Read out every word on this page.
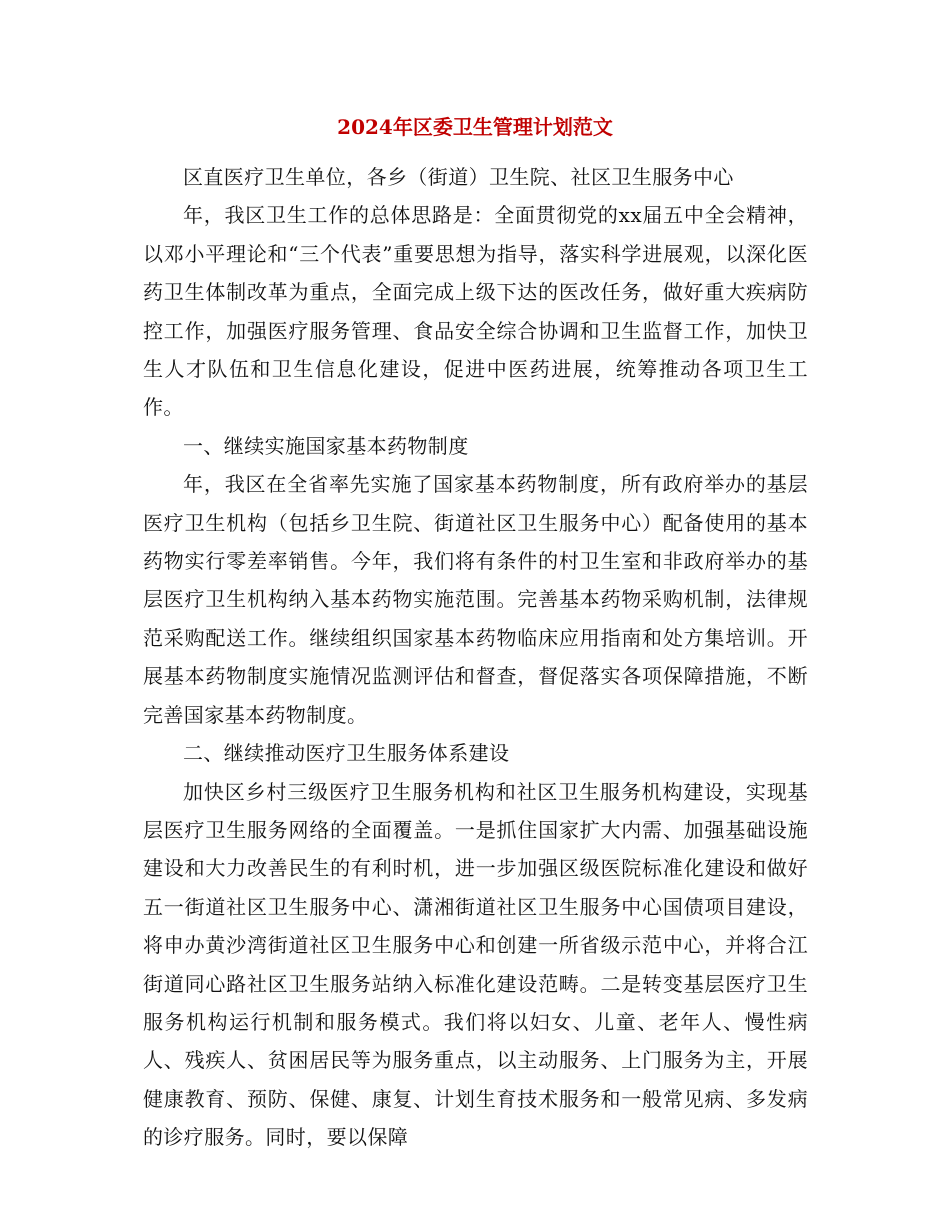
2024年区委卫生管理计划范文

区直医疗卫生单位，各乡（街道）卫生院、社区卫生服务中心

年，我区卫生工作的总体思路是：全面贯彻党的xx届五中全会精神，以邓小平理论和“三个代表”重要思想为指导，落实科学进展观，以深化医药卫生体制改革为重点，全面完成上级下达的医改任务，做好重大疾病防控工作，加强医疗服务管理、食品安全综合协调和卫生监督工作，加快卫生人才队伍和卫生信息化建设，促进中医药进展，统筹推动各项卫生工作。

一、继续实施国家基本药物制度

年，我区在全省率先实施了国家基本药物制度，所有政府举办的基层医疗卫生机构（包括乡卫生院、街道社区卫生服务中心）配备使用的基本药物实行零差率销售。今年，我们将有条件的村卫生室和非政府举办的基层医疗卫生机构纳入基本药物实施范围。完善基本药物采购机制，法律规范采购配送工作。继续组织国家基本药物临床应用指南和处方集培训。开展基本药物制度实施情况监测评估和督查，督促落实各项保障措施，不断完善国家基本药物制度。

二、继续推动医疗卫生服务体系建设

加快区乡村三级医疗卫生服务机构和社区卫生服务机构建设，实现基层医疗卫生服务网络的全面覆盖。一是抓住国家扩大内需、加强基础设施建设和大力改善民生的有利时机，进一步加强区级医院标准化建设和做好五一街道社区卫生服务中心、潇湘街道社区卫生服务中心国债项目建设，将申办黄沙湾街道社区卫生服务中心和创建一所省级示范中心，并将合江街道同心路社区卫生服务站纳入标准化建设范畴。二是转变基层医疗卫生服务机构运行机制和服务模式。我们将以妇女、儿童、老年人、慢性病人、残疾人、贫困居民等为服务重点，以主动服务、上门服务为主，开展健康教育、预防、保健、康复、计划生育技术服务和一般常见病、多发病的诊疗服务。同时，要以保障
